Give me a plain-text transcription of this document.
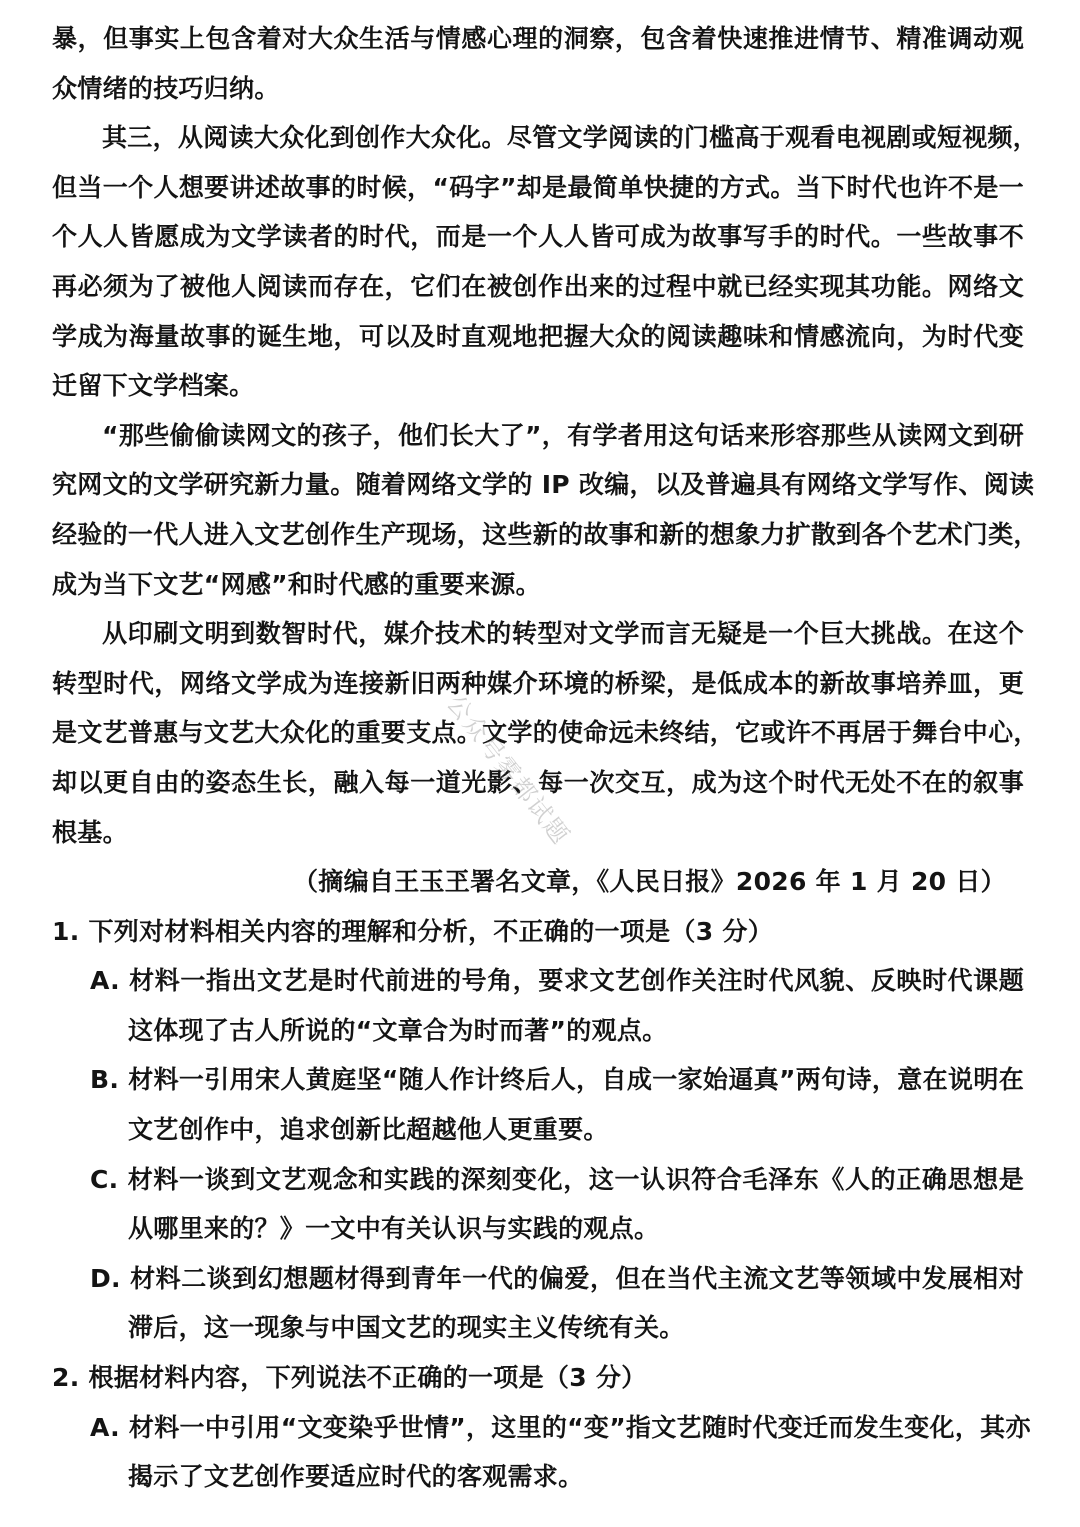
暴，但事实上包含着对大众生活与情感心理的洞察，包含着快速推进情节、精准调动观
众情绪的技巧归纳。
其三，从阅读大众化到创作大众化。尽管文学阅读的门槛高于观看电视剧或短视频，
但当一个人想要讲述故事的时候，“码字”却是最简单快捷的方式。当下时代也许不是一
个人人皆愿成为文学读者的时代，而是一个人人皆可成为故事写手的时代。一些故事不
再必须为了被他人阅读而存在，它们在被创作出来的过程中就已经实现其功能。网络文
学成为海量故事的诞生地，可以及时直观地把握大众的阅读趣味和情感流向，为时代变
迁留下文学档案。
“那些偷偷读网文的孩子，他们长大了”，有学者用这句话来形容那些从读网文到研
究网文的文学研究新力量。随着网络文学的 IP 改编，以及普遍具有网络文学写作、阅读
经验的一代人进入文艺创作生产现场，这些新的故事和新的想象力扩散到各个艺术门类，
成为当下文艺“网感”和时代感的重要来源。
从印刷文明到数智时代，媒介技术的转型对文学而言无疑是一个巨大挑战。在这个
转型时代，网络文学成为连接新旧两种媒介环境的桥梁，是低成本的新故事培养皿，更
是文艺普惠与文艺大众化的重要支点。文学的使命远未终结，它或许不再居于舞台中心，
却以更自由的姿态生长，融入每一道光影、每一次交互，成为这个时代无处不在的叙事
根基。
（摘编自王玉玊署名文章，《人民日报》2026 年 1 月 20 日）
1. 下列对材料相关内容的理解和分析，不正确的一项是（3 分）
A. 材料一指出文艺是时代前进的号角，要求文艺创作关注时代风貌、反映时代课题
这体现了古人所说的“文章合为时而著”的观点。
B. 材料一引用宋人黄庭坚“随人作计终后人，自成一家始逼真”两句诗，意在说明在
文艺创作中，追求创新比超越他人更重要。
C. 材料一谈到文艺观念和实践的深刻变化，这一认识符合毛泽东《人的正确思想是
从哪里来的？》一文中有关认识与实践的观点。
D. 材料二谈到幻想题材得到青年一代的偏爱，但在当代主流文艺等领域中发展相对
滞后，这一现象与中国文艺的现实主义传统有关。
2. 根据材料内容，下列说法不正确的一项是（3 分）
A. 材料一中引用“文变染乎世情”，这里的“变”指文艺随时代变迁而发生变化，其亦
揭示了文艺创作要适应时代的客观需求。
公众号雾都试题
